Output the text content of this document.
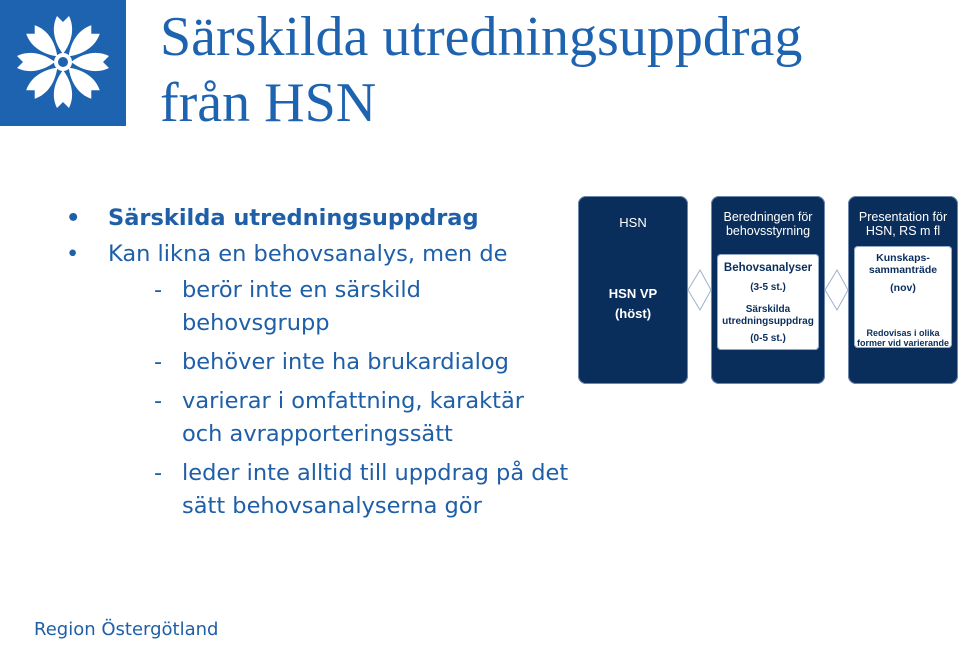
Särskilda utredningsuppdrag
från HSN
• Särskilda utredningsuppdrag
• Kan likna en behovsanalys, men de
- berör inte en särskild
behovsgrupp
- behöver inte ha brukardialog
- varierar i omfattning, karaktär
och avrapporteringssätt
- leder inte alltid till uppdrag på det
sätt behovsanalyserna gör
HSN
HSN VP
(höst)
Beredningen för
behovsstyrning
Behovsanalyser
(3-5 st.)
Särskilda
utredningsuppdrag
(0-5 st.)
Presentation för
HSN, RS m fl
Kunskaps-
sammanträde
(nov)
Redovisas i olika
former vid varierande
tidpunkter under året
Region Östergötland
